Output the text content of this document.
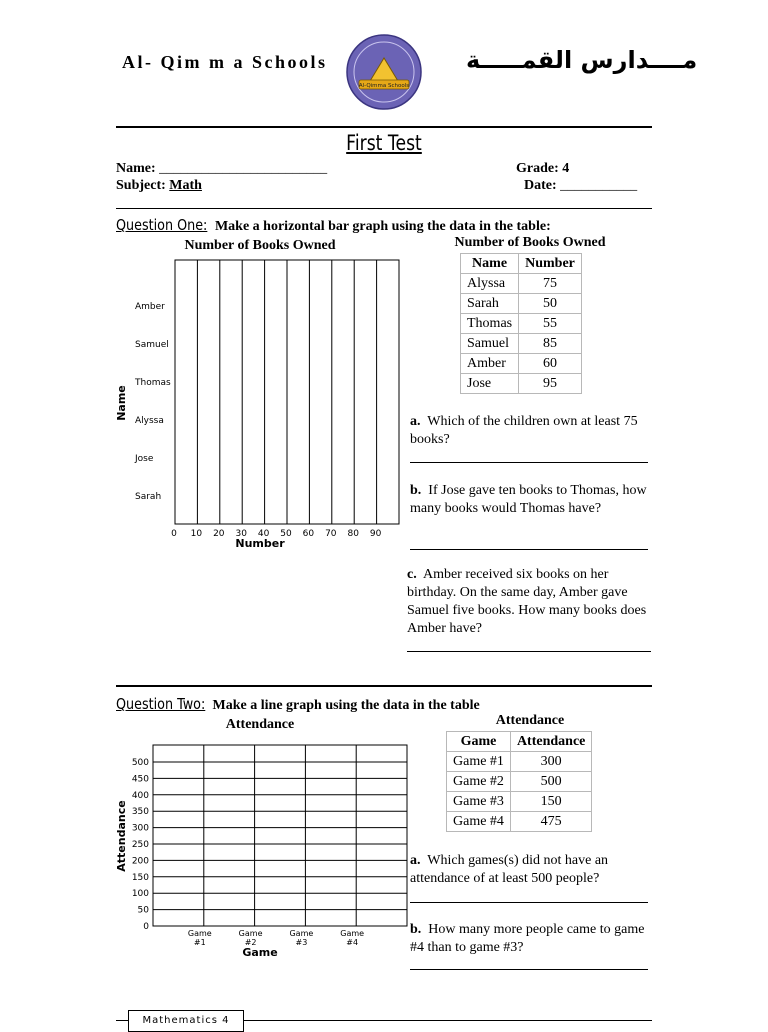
Al- Qim m a Schools
Al-Qimma Schools
مــــدارس القمـــــة
First Test
Name: ________________________
Subject: Math
Grade: 4
Date: ___________
Question One: Make a horizontal bar graph using the data in the table:
Number of Books Owned
0 10 20 30 40 50 60 70 80 90
Amber
Samuel
Thomas
Alyssa
Jose
Sarah
Number
Name
Number of Books Owned
Name	Number
Alyssa	75
Sarah	50
Thomas	55
Samuel	85
Amber	60
Jose	95
a. Which of the children own at least 75 books?
b. If Jose gave ten books to Thomas, how many books would Thomas have?
c. Amber received six books on her birthday. On the same day, Amber gave Samuel five books. How many books does Amber have?
Question Two: Make a line graph using the data in the table
Attendance
0
50
100
150
200
250
300
350
400
450
500
Game
#1
Game
#2
Game
#3
Game
#4
Game
Attendance
Attendance
Game	Attendance
Game #1	300
Game #2	500
Game #3	150
Game #4	475
a. Which games(s) did not have an attendance of at least 500 people?
b. How many more people came to game #4 than to game #3?
Mathematics 4
